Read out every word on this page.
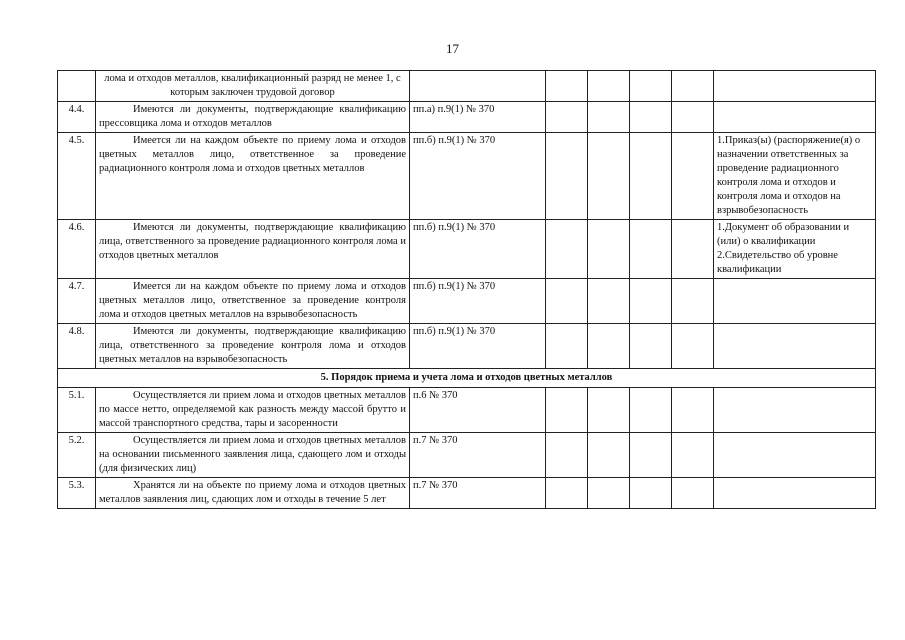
17
	лома и отходов металлов, квалификационный разряд не менее 1, с которым заключен трудовой договор						
4.4.	Имеются ли документы, подтверждающие квалификацию прессовщика лома и отходов металлов	пп.а) п.9(1) № 370					
4.5.	Имеется ли на каждом объекте по приему лома и отходов цветных металлов лицо, ответственное за проведение радиационного контроля лома и отходов цветных металлов	пп.б) п.9(1) № 370					1.Приказ(ы) (распоряжение(я) о назначении ответственных за проведение радиационного контроля лома и отходов и контроля лома и отходов на взрывобезопасность
4.6.	Имеются ли документы, подтверждающие квалификацию лица, ответственного за проведение радиационного контроля лома и отходов цветных металлов	пп.б) п.9(1) № 370					1.Документ об образовании и (или) о квалификации
2.Свидетельство об уровне квалификации
4.7.	Имеется ли на каждом объекте по приему лома и отходов цветных металлов лицо, ответственное за проведение контроля лома и отходов цветных металлов на взрывобезопасность	пп.б) п.9(1) № 370					
4.8.	Имеются ли документы, подтверждающие квалификацию лица, ответственного за проведение контроля лома и отходов цветных металлов на взрывобезопасность	пп.б) п.9(1) № 370					
5. Порядок приема и учета лома и отходов цветных металлов							
5.1.	Осуществляется ли прием лома и отходов цветных металлов по массе нетто, определяемой как разность между массой брутто и массой транспортного средства, тары и засоренности	п.6 № 370					
5.2.	Осуществляется ли прием лома и отходов цветных металлов на основании письменного заявления лица, сдающего лом и отходы (для физических лиц)	п.7 № 370					
5.3.	Хранятся ли на объекте по приему лома и отходов цветных металлов заявления лиц, сдающих лом и отходы в течение 5 лет	п.7 № 370					
